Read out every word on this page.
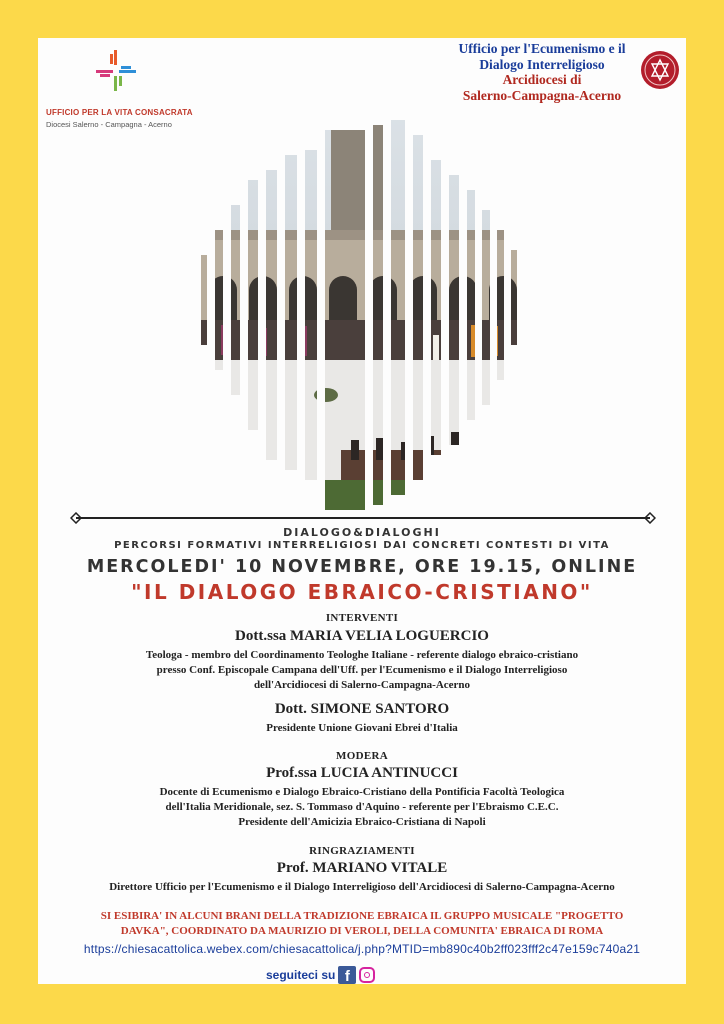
UFFICIO PER LA VITA CONSACRATA
Diocesi Salerno - Campagna - Acerno
Ufficio per l'Ecumenismo e il
Dialogo Interreligioso
Arcidiocesi di
Salerno-Campagna-Acerno
DIALOGO&DIALOGHI
PERCORSI FORMATIVI INTERRELIGIOSI DAI CONCRETI CONTESTI DI VITA
MERCOLEDI' 10 NOVEMBRE, ORE 19.15, ONLINE
"IL DIALOGO EBRAICO-CRISTIANO"
INTERVENTI
Dott.ssa MARIA VELIA LOGUERCIO
Teologa - membro del Coordinamento Teologhe Italiane - referente dialogo ebraico-cristiano
presso Conf. Episcopale Campana dell'Uff. per l'Ecumenismo e il Dialogo Interreligioso
dell'Arcidiocesi di Salerno-Campagna-Acerno
Dott. SIMONE SANTORO
Presidente Unione Giovani Ebrei d'Italia
MODERA
Prof.ssa LUCIA ANTINUCCI
Docente di Ecumenismo e Dialogo Ebraico-Cristiano della Pontificia Facoltà Teologica
dell'Italia Meridionale, sez. S. Tommaso d'Aquino - referente per l'Ebraismo C.E.C.
Presidente dell'Amicizia Ebraico-Cristiana di Napoli
RINGRAZIAMENTI
Prof. MARIANO VITALE
Direttore Ufficio per l'Ecumenismo e il Dialogo Interreligioso dell'Arcidiocesi di Salerno-Campagna-Acerno
SI ESIBIRA' IN ALCUNI BRANI DELLA TRADIZIONE EBRAICA IL GRUPPO MUSICALE "PROGETTO
DAVKA", COORDINATO DA MAURIZIO DI VEROLI, DELLA COMUNITA' EBRAICA DI ROMA
https://chiesacattolica.webex.com/chiesacattolica/j.php?MTID=mb890c40b2ff023fff2c47e159c740a21
seguiteci su f
